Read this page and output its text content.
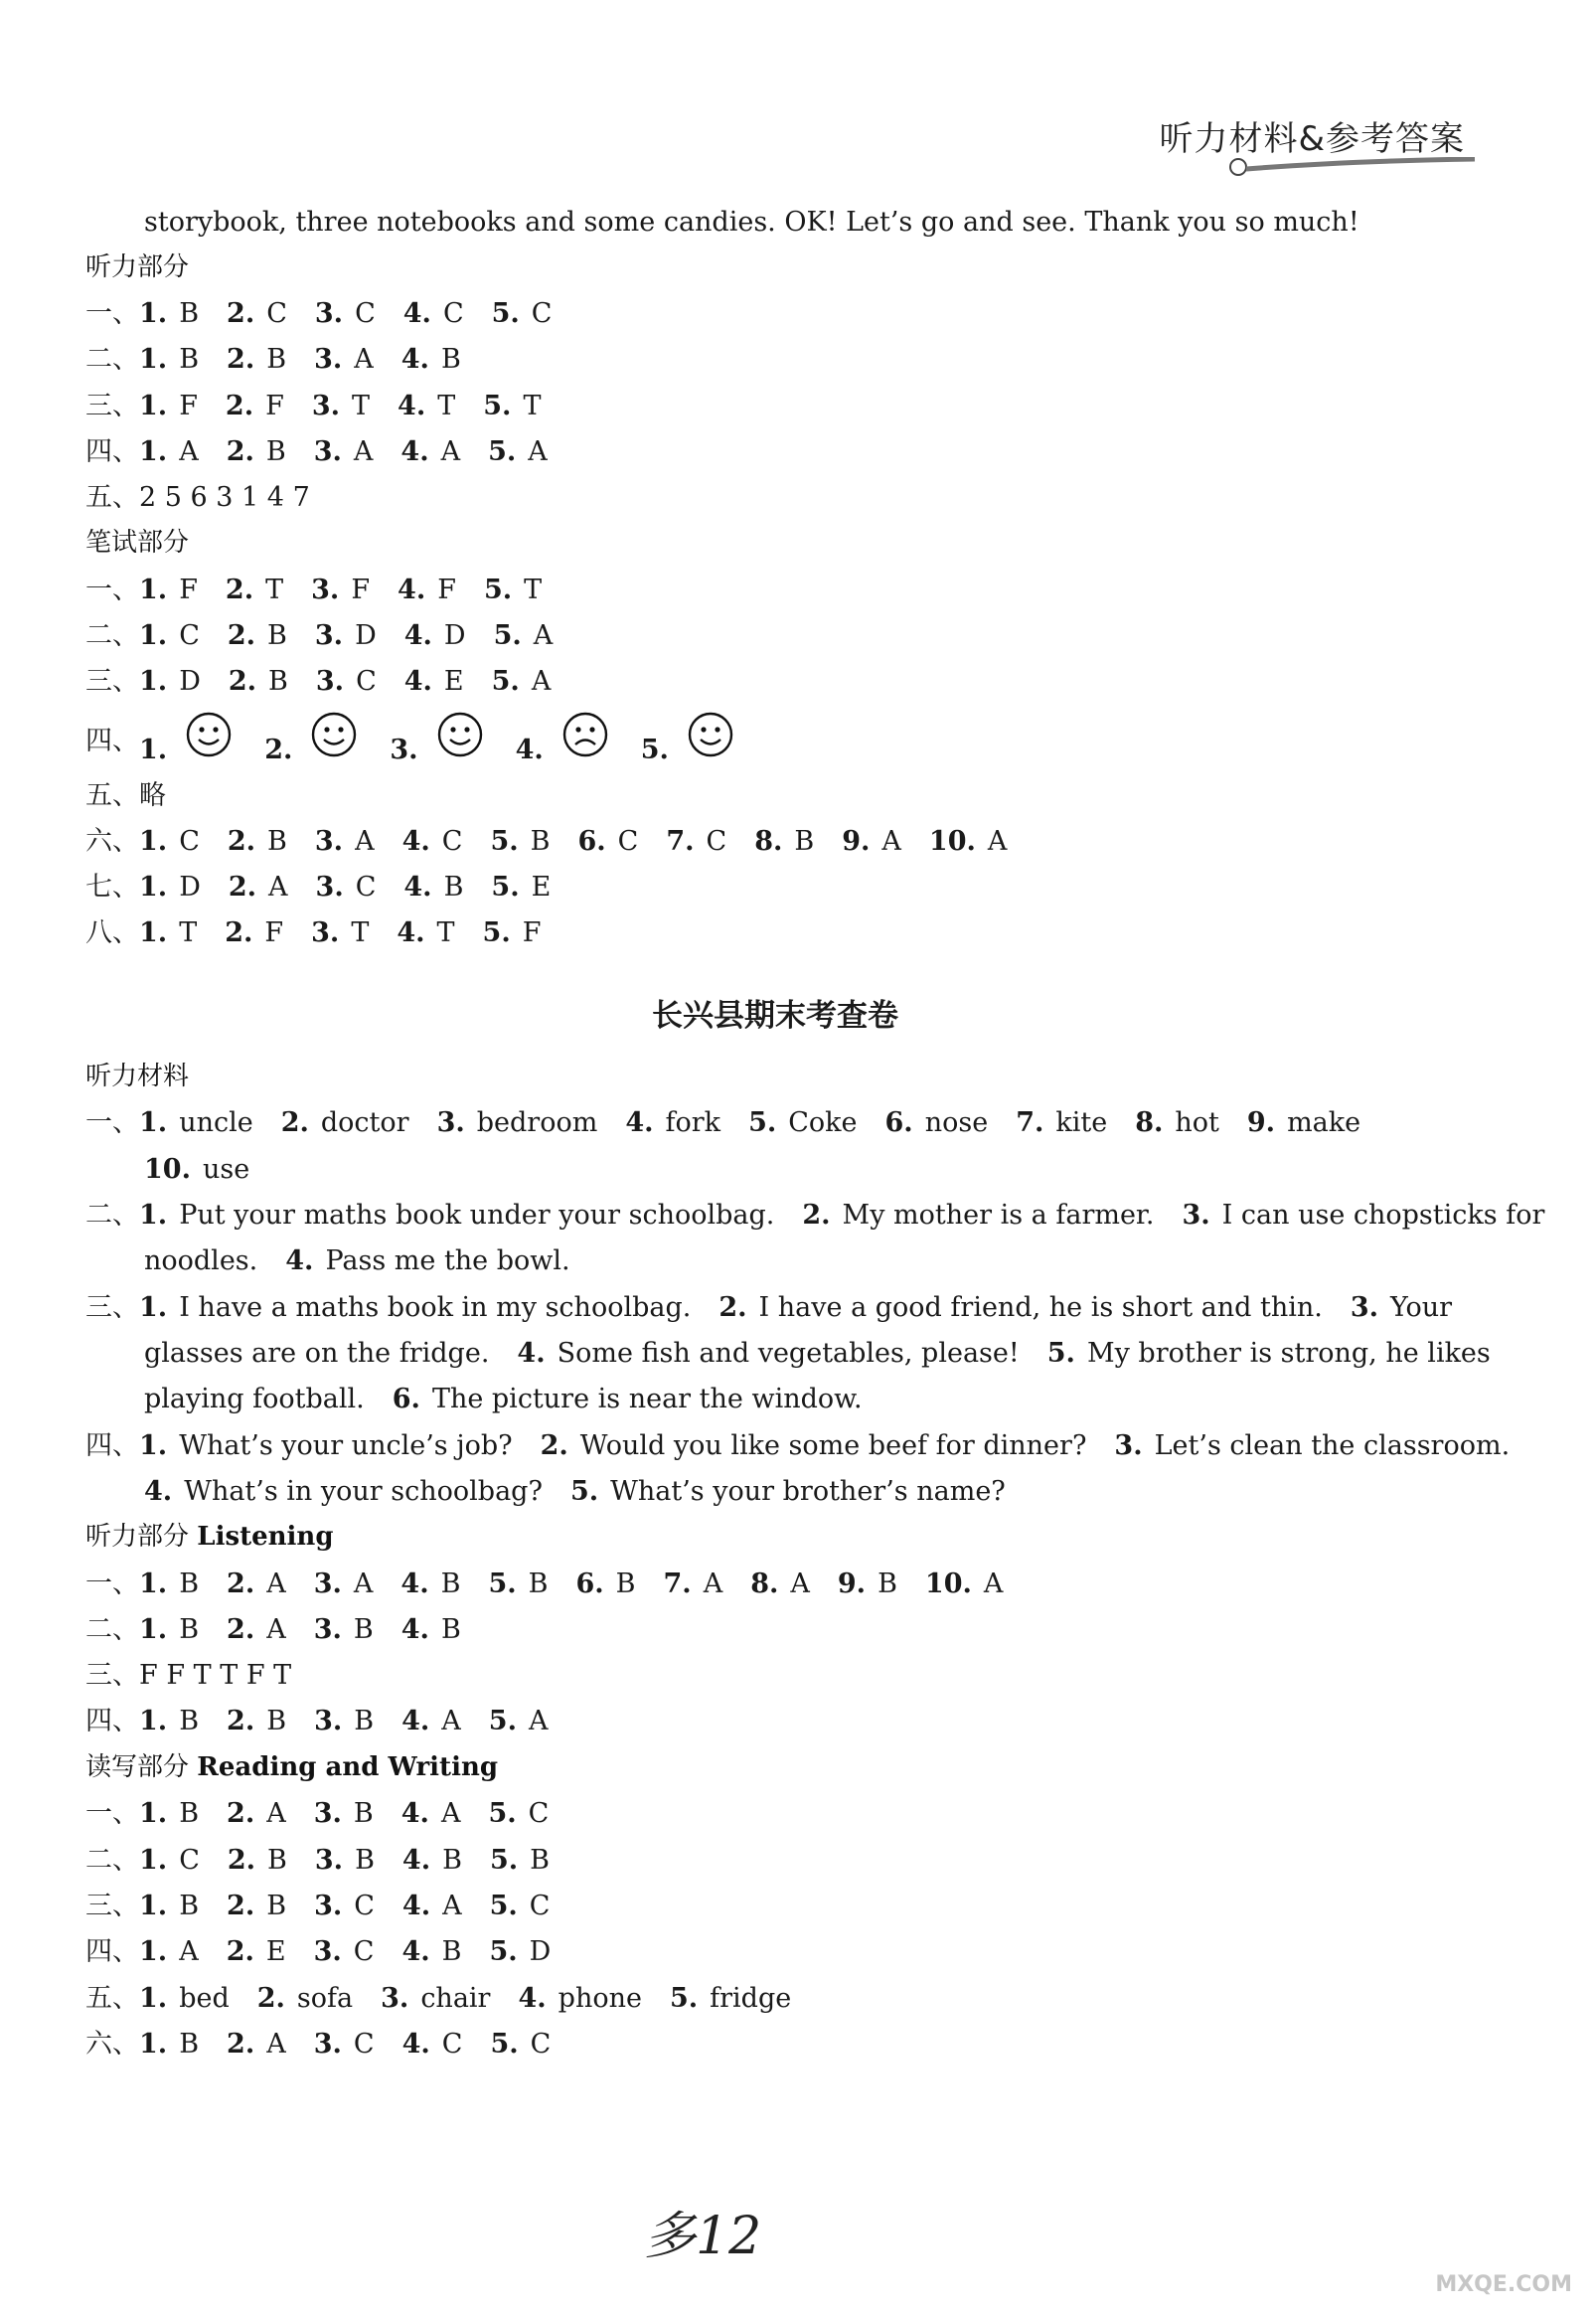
听力材料&参考答案
storybook, three notebooks and some candies. OK! Let’s go and see. Thank you so much!
听力部分
一、1. B 2. C 3. C 4. C 5. C
二、1. B 2. B 3. A 4. B
三、1. F 2. F 3. T 4. T 5. T
四、1. A 2. B 3. A 4. A 5. A
五、2 5 6 3 1 4 7
笔试部分
一、1. F 2. T 3. F 4. F 5. T
二、1. C 2. B 3. D 4. D 5. A
三、1. D 2. B 3. C 4. E 5. A
四、 1.	2.	3.	4.	5.
五、略
六、1. C 2. B 3. A 4. C 5. B 6. C 7. C 8. B 9. A 10. A
七、1. D 2. A 3. C 4. B 5. E
八、1. T 2. F 3. T 4. T 5. F
长兴县期末考查卷
听力材料
一、1. uncle 2. doctor 3. bedroom 4. fork 5. Coke 6. nose 7. kite 8. hot 9. make
10. use
二、1. Put your maths book under your schoolbag. 2. My mother is a farmer. 3. I can use chopsticks for
noodles. 4. Pass me the bowl.
三、1. I have a maths book in my schoolbag. 2. I have a good friend, he is short and thin. 3. Your
glasses are on the fridge. 4. Some fish and vegetables, please! 5. My brother is strong, he likes
playing football. 6. The picture is near the window.
四、1. What’s your uncle’s job? 2. Would you like some beef for dinner? 3. Let’s clean the classroom.
4. What’s in your schoolbag? 5. What’s your brother’s name?
听力部分 Listening
一、1. B 2. A 3. A 4. B 5. B 6. B 7. A 8. A 9. B 10. A
二、1. B 2. A 3. B 4. B
三、F F T T F T
四、1. B 2. B 3. B 4. A 5. A
读写部分 Reading and Writing
一、1. B 2. A 3. B 4. A 5. C
二、1. C 2. B 3. B 4. B 5. B
三、1. B 2. B 3. C 4. A 5. C
四、1. A 2. E 3. C 4. B 5. D
五、1. bed 2. sofa 3. chair 4. phone 5. fridge
六、1. B 2. A 3. C 4. C 5. C
多12
MXQE.COM
